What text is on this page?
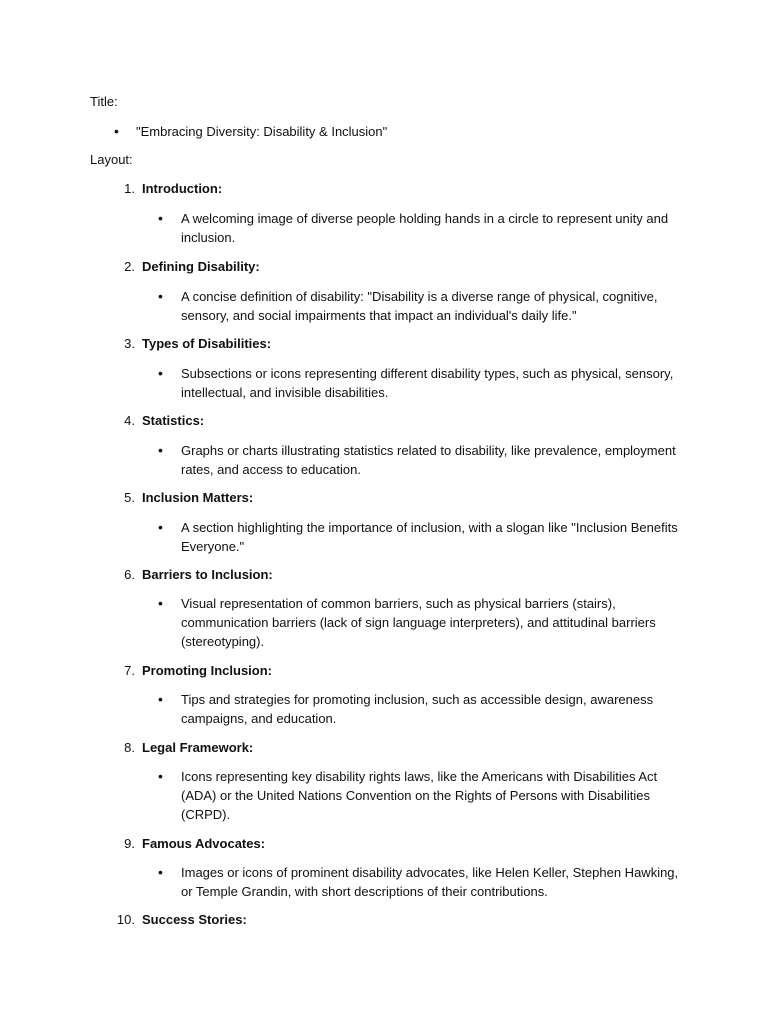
Title:

•	"Embracing Diversity: Disability & Inclusion"

Layout:

1. Introduction:
•	A welcoming image of diverse people holding hands in a circle to represent unity and inclusion.
2. Defining Disability:
•	A concise definition of disability: "Disability is a diverse range of physical, cognitive, sensory, and social impairments that impact an individual's daily life."
3. Types of Disabilities:
•	Subsections or icons representing different disability types, such as physical, sensory, intellectual, and invisible disabilities.
4. Statistics:
•	Graphs or charts illustrating statistics related to disability, like prevalence, employment rates, and access to education.
5. Inclusion Matters:
•	A section highlighting the importance of inclusion, with a slogan like "Inclusion Benefits Everyone."
6. Barriers to Inclusion:
•	Visual representation of common barriers, such as physical barriers (stairs), communication barriers (lack of sign language interpreters), and attitudinal barriers (stereotyping).
7. Promoting Inclusion:
•	Tips and strategies for promoting inclusion, such as accessible design, awareness campaigns, and education.
8. Legal Framework:
•	Icons representing key disability rights laws, like the Americans with Disabilities Act (ADA) or the United Nations Convention on the Rights of Persons with Disabilities (CRPD).
9. Famous Advocates:
•	Images or icons of prominent disability advocates, like Helen Keller, Stephen Hawking, or Temple Grandin, with short descriptions of their contributions.
10. Success Stories:
